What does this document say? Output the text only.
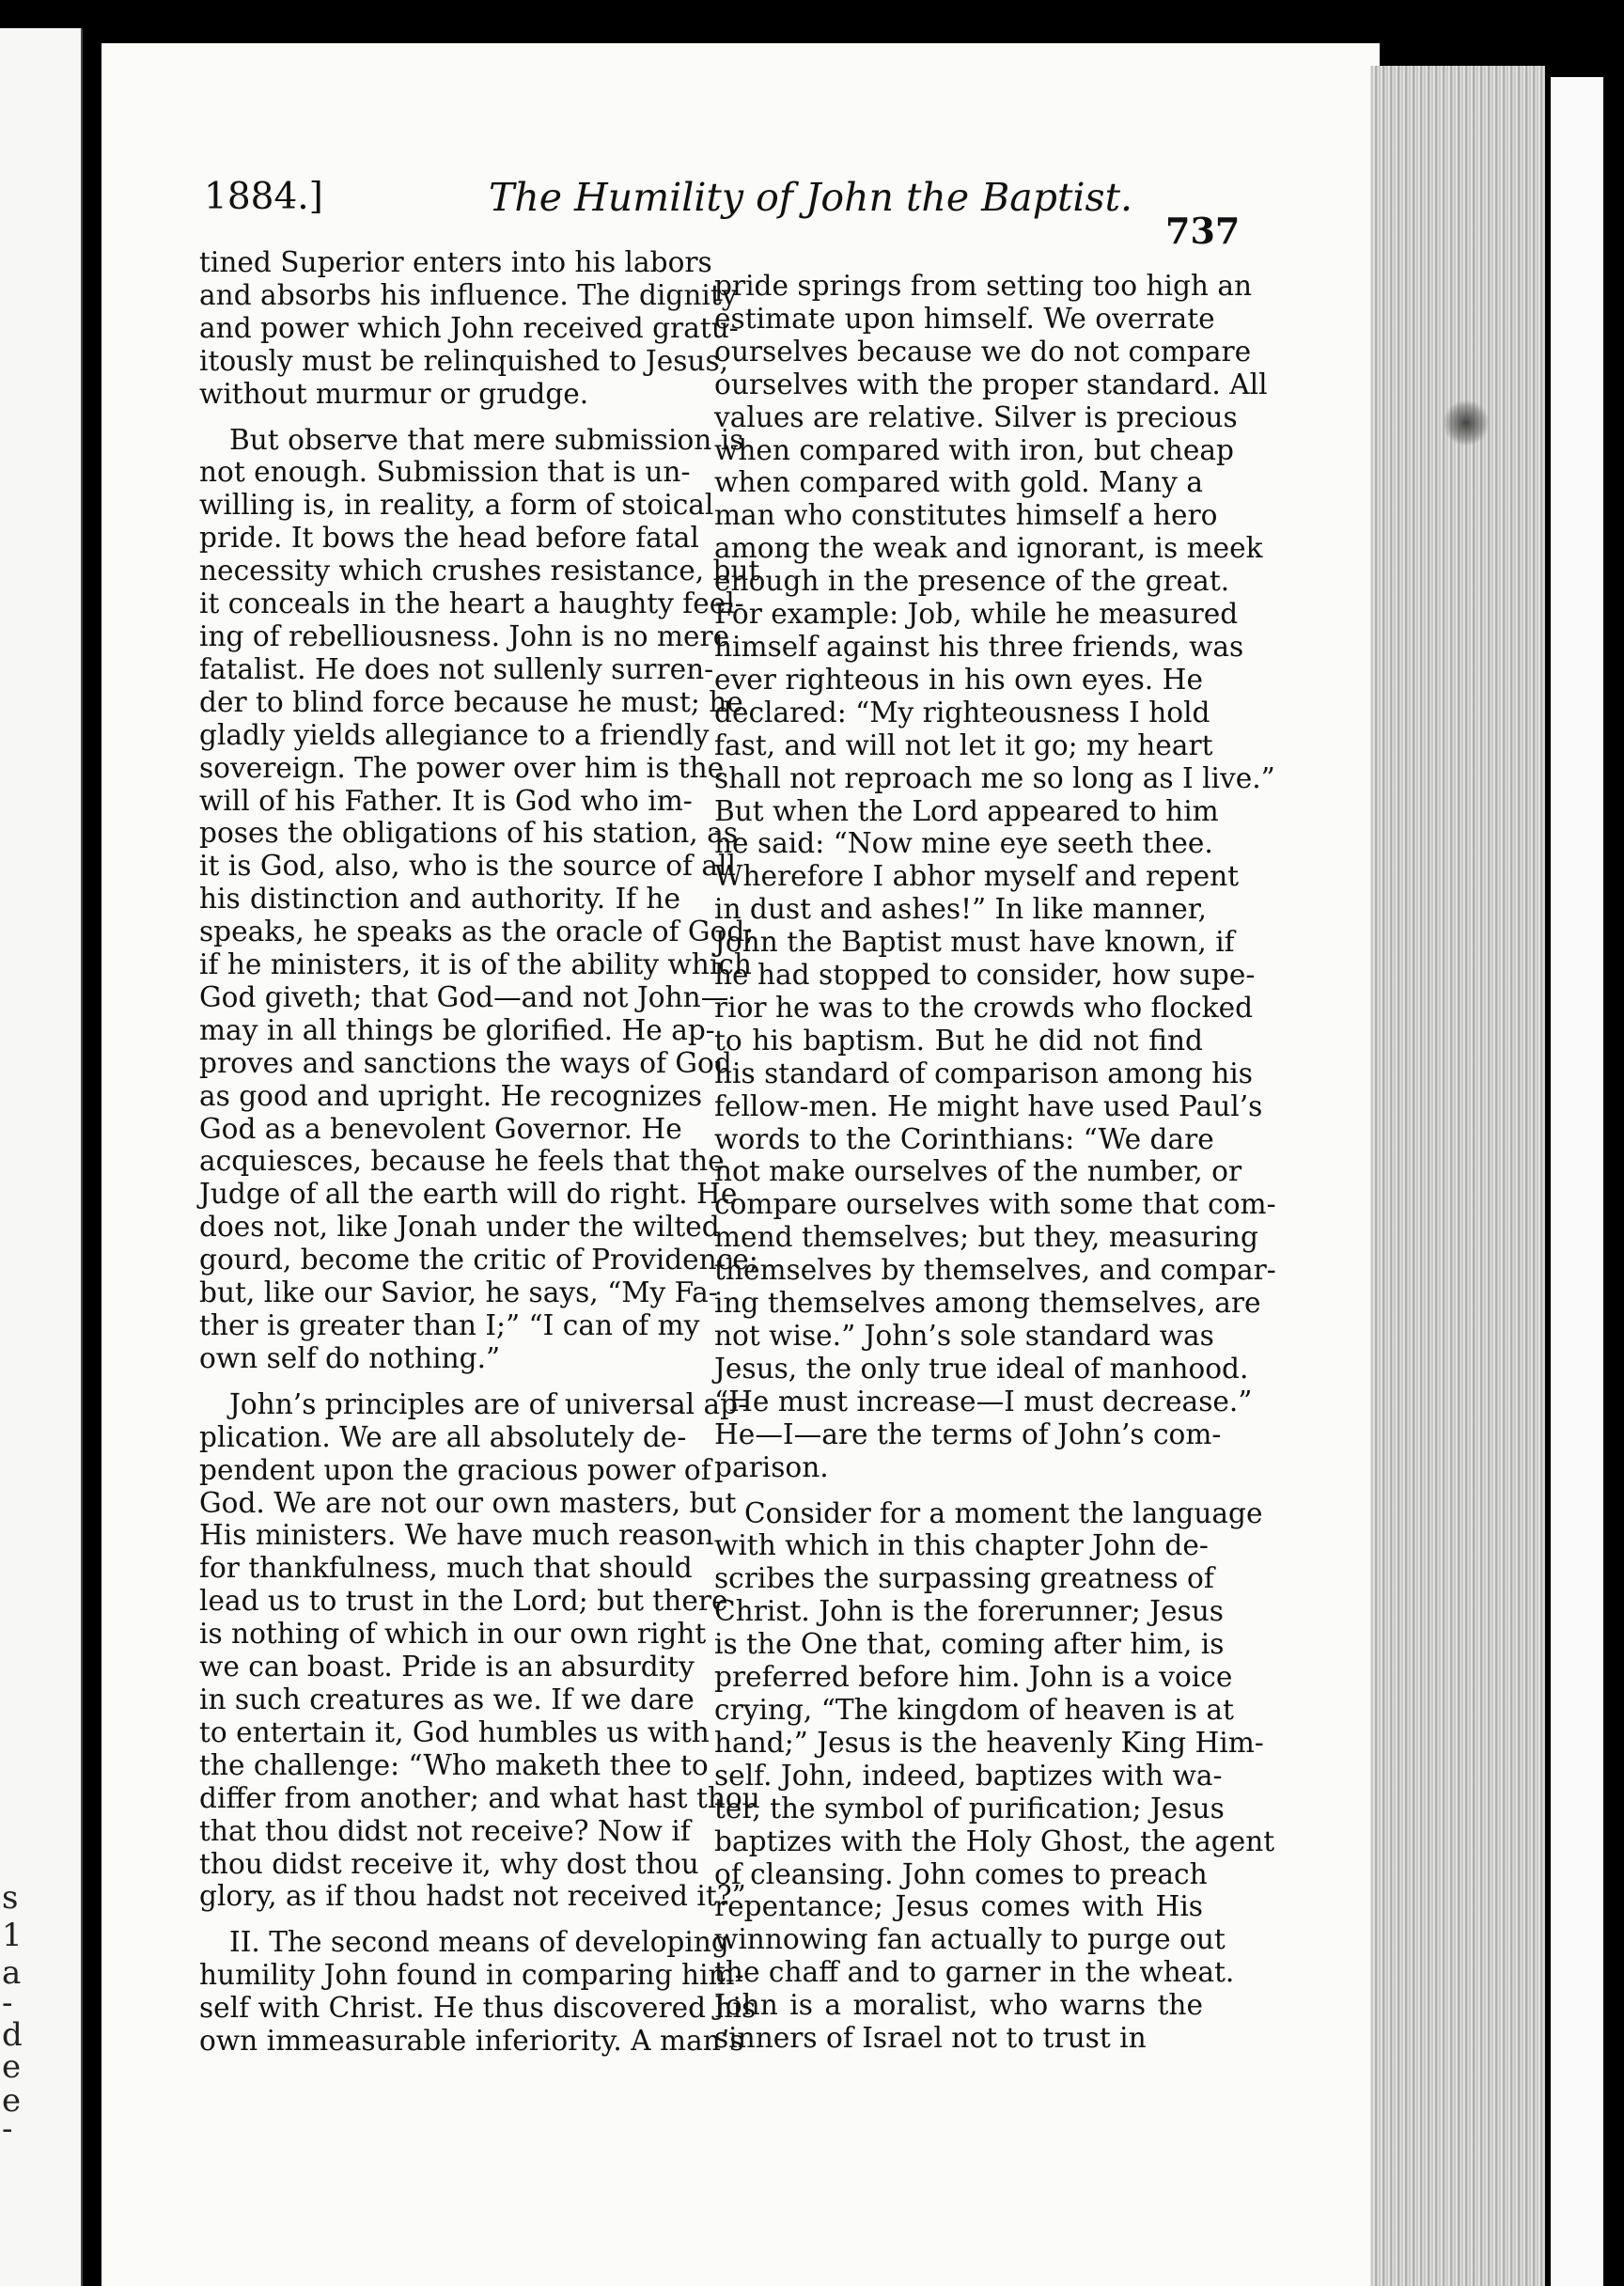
s
1
a
-
d
e
e
-
1884.]	The Humility of John the Baptist.
737

tined Superior enters into his labors
and absorbs his influence. The dignity
and power which John received gratu-
itously must be relinquished to Jesus,
without murmur or grudge.

But observe that mere submission is
not enough. Submission that is un-
willing is, in reality, a form of stoical
pride. It bows the head before fatal
necessity which crushes resistance, but
it conceals in the heart a haughty feel-
ing of rebelliousness. John is no mere
fatalist. He does not sullenly surren-
der to blind force because he must; he
gladly yields allegiance to a friendly
sovereign. The power over him is the
will of his Father. It is God who im-
poses the obligations of his station, as
it is God, also, who is the source of all
his distinction and authority. If he
speaks, he speaks as the oracle of God;
if he ministers, it is of the ability which
God giveth; that God—and not John—
may in all things be glorified. He ap-
proves and sanctions the ways of God
as good and upright. He recognizes
God as a benevolent Governor. He
acquiesces, because he feels that the
Judge of all the earth will do right. He
does not, like Jonah under the wilted
gourd, become the critic of Providence;
but, like our Savior, he says, “My Fa-
ther is greater than I;” “I can of my
own self do nothing.”

John’s principles are of universal ap-
plication. We are all absolutely de-
pendent upon the gracious power of
God. We are not our own masters, but
His ministers. We have much reason
for thankfulness, much that should
lead us to trust in the Lord; but there
is nothing of which in our own right
we can boast. Pride is an absurdity
in such creatures as we. If we dare
to entertain it, God humbles us with
the challenge: “Who maketh thee to
differ from another; and what hast thou
that thou didst not receive? Now if
thou didst receive it, why dost thou
glory, as if thou hadst not received it?”

II. The second means of developing
humility John found in comparing him-
self with Christ. He thus discovered his
own immeasurable inferiority. A man’s

pride springs from setting too high an
estimate upon himself. We overrate
ourselves because we do not compare
ourselves with the proper standard. All
values are relative. Silver is precious
when compared with iron, but cheap
when compared with gold. Many a
man who constitutes himself a hero
among the weak and ignorant, is meek
enough in the presence of the great.
For example: Job, while he measured
himself against his three friends, was
ever righteous in his own eyes. He
declared: “My righteousness I hold
fast, and will not let it go; my heart
shall not reproach me so long as I live.”
But when the Lord appeared to him
he said: “Now mine eye seeth thee.
Wherefore I abhor myself and repent
in dust and ashes!” In like manner,
John the Baptist must have known, if
he had stopped to consider, how supe-
rior he was to the crowds who flocked
to his baptism. But he did not find
his standard of comparison among his
fellow-men. He might have used Paul’s
words to the Corinthians: “We dare
not make ourselves of the number, or
compare ourselves with some that com-
mend themselves; but they, measuring
themselves by themselves, and compar-
ing themselves among themselves, are
not wise.” John’s sole standard was
Jesus, the only true ideal of manhood.
“He must increase—I must decrease.”
He—I—are the terms of John’s com-
parison.

Consider for a moment the language
with which in this chapter John de-
scribes the surpassing greatness of
Christ. John is the forerunner; Jesus
is the One that, coming after him, is
preferred before him. John is a voice
crying, “The kingdom of heaven is at
hand;” Jesus is the heavenly King Him-
self. John, indeed, baptizes with wa-
ter, the symbol of purification; Jesus
baptizes with the Holy Ghost, the agent
of cleansing. John comes to preach
repentance; Jesus comes with His
winnowing fan actually to purge out
the chaff and to garner in the wheat.
John is a moralist, who warns the
sinners of Israel not to trust in
